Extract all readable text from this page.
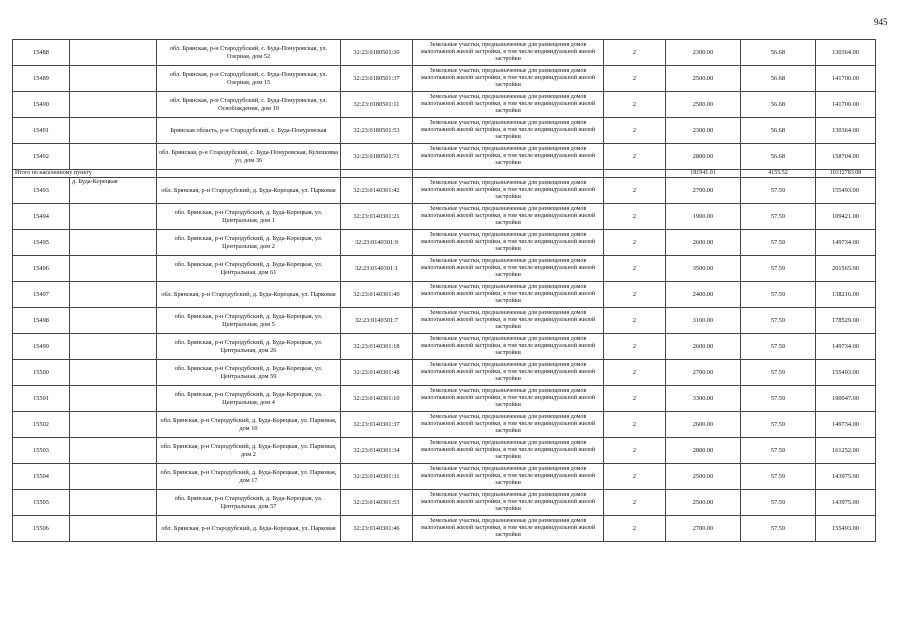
945
15488		обл. Брянская, р-н Стародубский, с. Буда-Понуровская, ул. Озерная, дом 52	32:23:0180501:30	Земельные участки, предназначенные для размещения домов малоэтажной жилой застройки, в том числе индивидуальной жилой застройки	2	2300.00	56.68	130364.00
15489		обл. Брянская, р-н Стародубский, с. Буда-Понуровская, ул. Озерная, дом 15	32:23:0180501:37	Земельные участки, предназначенные для размещения домов малоэтажной жилой застройки, в том числе индивидуальной жилой застройки	2	2500.00	56.68	141700.00
15490		обл. Брянская, р-н Стародубский, с. Буда-Понуровская, ул. Освобождения, дом 19	32:23:0180501:11	Земельные участки, предназначенные для размещения домов малоэтажной жилой застройки, в том числе индивидуальной жилой застройки	2	2500.00	56.68	141700.00
15491		Брянская область, р-н Стародубский, с. Буда-Понуровская	32:23:0180501:53	Земельные участки, предназначенные для размещения домов малоэтажной жилой застройки, в том числе индивидуальной жилой застройки	2	2300.00	56.68	130364.00
15492		обл. Брянская, р-н Стародубский, с. Буда-Понуровская, Кулешовка ул, дом 36	32:23:0180501:71	Земельные участки, предназначенные для размещения домов малоэтажной жилой застройки, в том числе индивидуальной жилой застройки	2	2800.00	56.68	158704.00
Итого по населенному пункту						181941.01	4155.52	10312783.08
15493	д. Буда-Корецкая	обл. Брянская, р-н Стародубский, д. Буда-Корецкая, ул. Парковая	32:23:0140301:42	Земельные участки, предназначенные для размещения домов малоэтажной жилой застройки, в том числе индивидуальной жилой застройки	2	2700.00	57.59	155493.00
15494		обл. Брянская, р-н Стародубский, д. Буда-Корецкая, ул. Центральная, дом 1	32:23:0140301:21	Земельные участки, предназначенные для размещения домов малоэтажной жилой застройки, в том числе индивидуальной жилой застройки	2	1900.00	57.59	109421.00
15495		обл. Брянская, р-н Стародубский, д. Буда-Корецкая, ул. Центральная, дом 2	32:23:0140301:9	Земельные участки, предназначенные для размещения домов малоэтажной жилой застройки, в том числе индивидуальной жилой застройки	2	2600.00	57.59	149734.00
15496		обл. Брянская, р-н Стародубский, д. Буда-Корецкая, ул. Центральная, дом 61	32:23:0140301:1	Земельные участки, предназначенные для размещения домов малоэтажной жилой застройки, в том числе индивидуальной жилой застройки	2	3500.00	57.59	201565.00
15497		обл. Брянская, р-н Стародубский, д. Буда-Корецкая, ул. Парковая	32:23:0140301:40	Земельные участки, предназначенные для размещения домов малоэтажной жилой застройки, в том числе индивидуальной жилой застройки	2	2400.00	57.59	138216.00
15498		обл. Брянская, р-н Стародубский, д. Буда-Корецкая, ул. Центральная, дом 5	32:23:0140301:7	Земельные участки, предназначенные для размещения домов малоэтажной жилой застройки, в том числе индивидуальной жилой застройки	2	3100.00	57.59	178529.00
15499		обл. Брянская, р-н Стародубский, д. Буда-Корецкая, ул. Центральная, дом 26	32:23:0140301:18	Земельные участки, предназначенные для размещения домов малоэтажной жилой застройки, в том числе индивидуальной жилой застройки	2	2600.00	57.59	149734.00
15500		обл. Брянская, р-н Стародубский, д. Буда-Корецкая, ул. Центральная, дом 59	32:23:0140301:48	Земельные участки, предназначенные для размещения домов малоэтажной жилой застройки, в том числе индивидуальной жилой застройки	2	2700.00	57.59	155493.00
15501		обл. Брянская, р-н Стародубский, д. Буда-Корецкая, ул. Центральная, дом 4	32:23:0140301:10	Земельные участки, предназначенные для размещения домов малоэтажной жилой застройки, в том числе индивидуальной жилой застройки	2	3300.00	57.59	190047.00
15502		обл. Брянская, р-н Стародубский, д. Буда-Корецкая, ул. Парковая, дом 10	32:23:0140301:37	Земельные участки, предназначенные для размещения домов малоэтажной жилой застройки, в том числе индивидуальной жилой застройки	2	2600.00	57.59	149734.00
15503		обл. Брянская, р-н Стародубский, д. Буда-Корецкая, ул. Парковая, дом 2	32:23:0140301:34	Земельные участки, предназначенные для размещения домов малоэтажной жилой застройки, в том числе индивидуальной жилой застройки	2	2800.00	57.59	161252.00
15504		обл. Брянская, р-н Стародубский, д. Буда-Корецкая, ул. Парковая, дом 17	32:23:0140301:31	Земельные участки, предназначенные для размещения домов малоэтажной жилой застройки, в том числе индивидуальной жилой застройки	2	2500.00	57.59	143975.00
15505		обл. Брянская, р-н Стародубский, д. Буда-Корецкая, ул. Центральная, дом 57	32:23:0140301:53	Земельные участки, предназначенные для размещения домов малоэтажной жилой застройки, в том числе индивидуальной жилой застройки	2	2500.00	57.59	143975.00
15506		обл. Брянская, р-н Стародубский, д. Буда-Корецкая, ул. Парковая	32:23:0140301:46	Земельные участки, предназначенные для размещения домов малоэтажной жилой застройки, в том числе индивидуальной жилой застройки	2	2700.00	57.59	155493.00
